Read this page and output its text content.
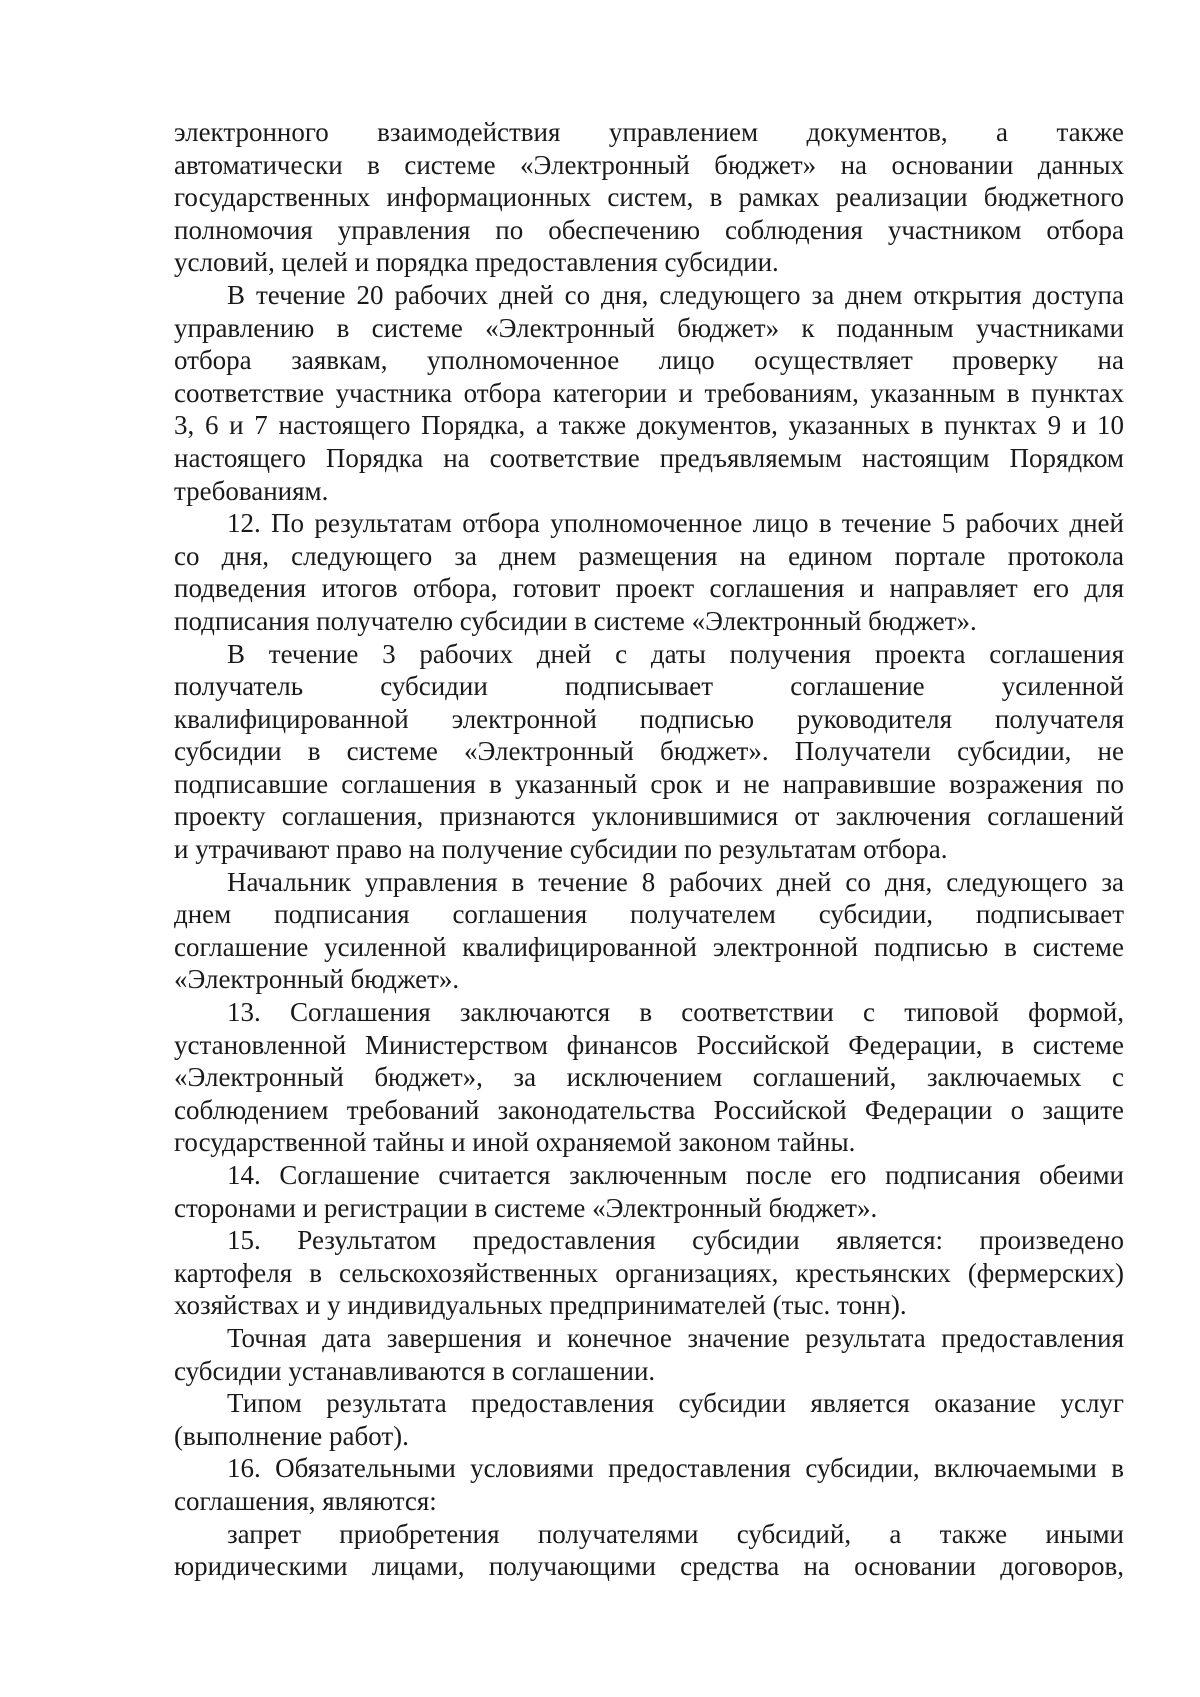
электронного взаимодействия управлением документов, а также
автоматически в системе «Электронный бюджет» на основании данных
государственных информационных систем, в рамках реализации бюджетного
полномочия управления по обеспечению соблюдения участником отбора
условий, целей и порядка предоставления субсидии.
В течение 20 рабочих дней со дня, следующего за днем открытия доступа
управлению в системе «Электронный бюджет» к поданным участниками
отбора заявкам, уполномоченное лицо осуществляет проверку на
соответствие участника отбора категории и требованиям, указанным в пунктах
3, 6 и 7 настоящего Порядка, а также документов, указанных в пунктах 9 и 10
настоящего Порядка на соответствие предъявляемым настоящим Порядком
требованиям.
12. По результатам отбора уполномоченное лицо в течение 5 рабочих дней
со дня, следующего за днем размещения на едином портале протокола
подведения итогов отбора, готовит проект соглашения и направляет его для
подписания получателю субсидии в системе «Электронный бюджет».
В течение 3 рабочих дней с даты получения проекта соглашения
получатель субсидии подписывает соглашение усиленной
квалифицированной электронной подписью руководителя получателя
субсидии в системе «Электронный бюджет». Получатели субсидии, не
подписавшие соглашения в указанный срок и не направившие возражения по
проекту соглашения, признаются уклонившимися от заключения соглашений
и утрачивают право на получение субсидии по результатам отбора.
Начальник управления в течение 8 рабочих дней со дня, следующего за
днем подписания соглашения получателем субсидии, подписывает
соглашение усиленной квалифицированной электронной подписью в системе
«Электронный бюджет».
13. Соглашения заключаются в соответствии с типовой формой,
установленной Министерством финансов Российской Федерации, в системе
«Электронный бюджет», за исключением соглашений, заключаемых с
соблюдением требований законодательства Российской Федерации о защите
государственной тайны и иной охраняемой законом тайны.
14. Соглашение считается заключенным после его подписания обеими
сторонами и регистрации в системе «Электронный бюджет».
15. Результатом предоставления субсидии является: произведено
картофеля в сельскохозяйственных организациях, крестьянских (фермерских)
хозяйствах и у индивидуальных предпринимателей (тыс. тонн).
Точная дата завершения и конечное значение результата предоставления
субсидии устанавливаются в соглашении.
Типом результата предоставления субсидии является оказание услуг
(выполнение работ).
16. Обязательными условиями предоставления субсидии, включаемыми в
соглашения, являются:
запрет приобретения получателями субсидий, а также иными
юридическими лицами, получающими средства на основании договоров,
